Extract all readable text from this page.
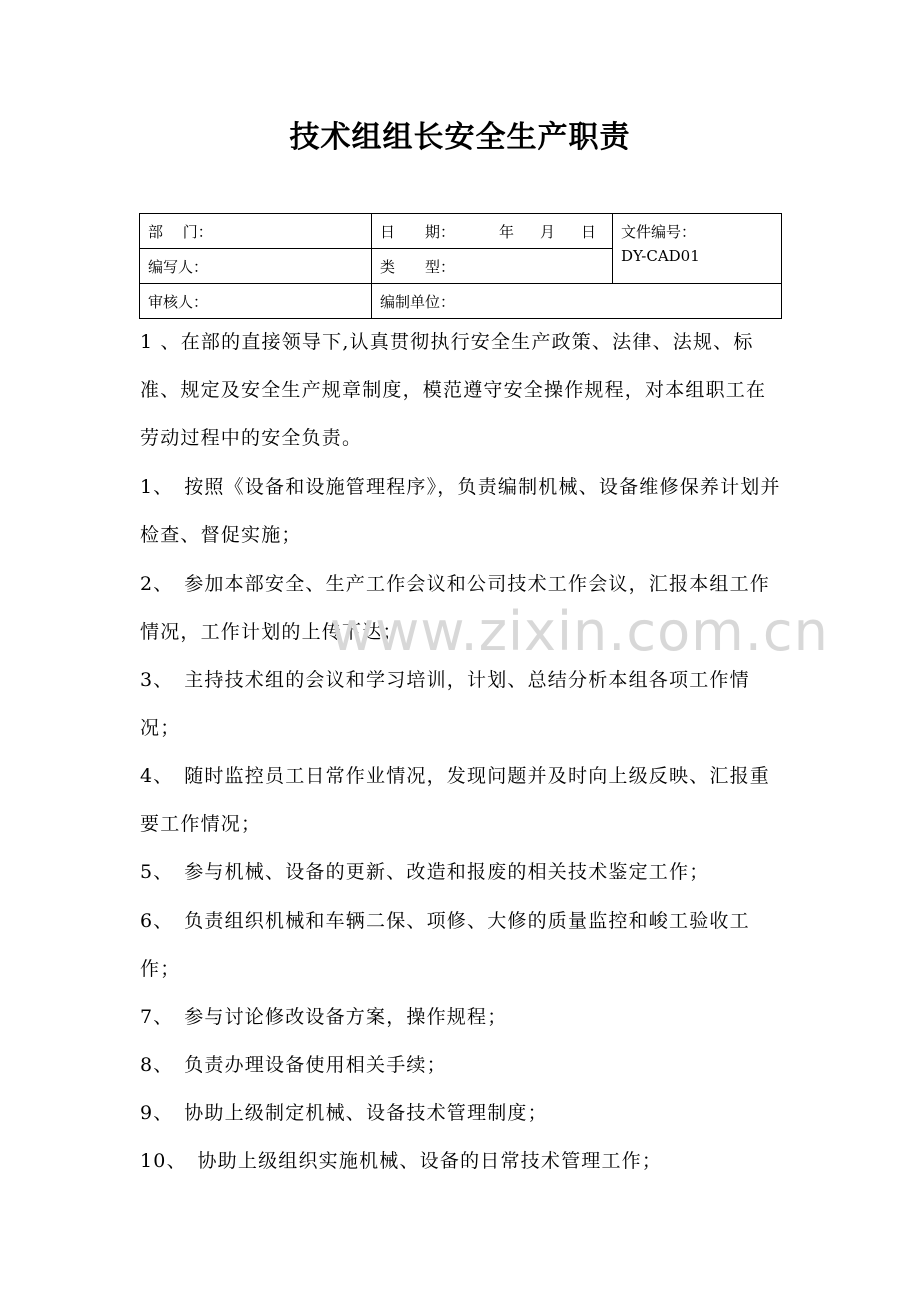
技术组组长安全生产职责
部　 门：	日　　期： 年 月 日	文件编号：
DY-CAD01

编写人：	类　　型：	
审核人：	编制单位：	
1 、在部的直接领导下,认真贯彻执行安全生产政策、法律、法规、标准、规定及安全生产规章制度，模范遵守安全操作规程，对本组职工在劳动过程中的安全负责。
1、　按照《设备和设施管理程序》，负责编制机械、设备维修保养计划并检查、督促实施；
2、　参加本部安全、生产工作会议和公司技术工作会议，汇报本组工作情况，工作计划的上传下达；
3、　主持技术组的会议和学习培训，计划、总结分析本组各项工作情况；
4、　随时监控员工日常作业情况，发现问题并及时向上级反映、汇报重要工作情况；
5、　参与机械、设备的更新、改造和报废的相关技术鉴定工作；
6、　负责组织机械和车辆二保、项修、大修的质量监控和峻工验收工作；
7、　参与讨论修改设备方案，操作规程；
8、　负责办理设备使用相关手续；
9、　协助上级制定机械、设备技术管理制度；
10、　协助上级组织实施机械、设备的日常技术管理工作；
www.zixin.com.cn
